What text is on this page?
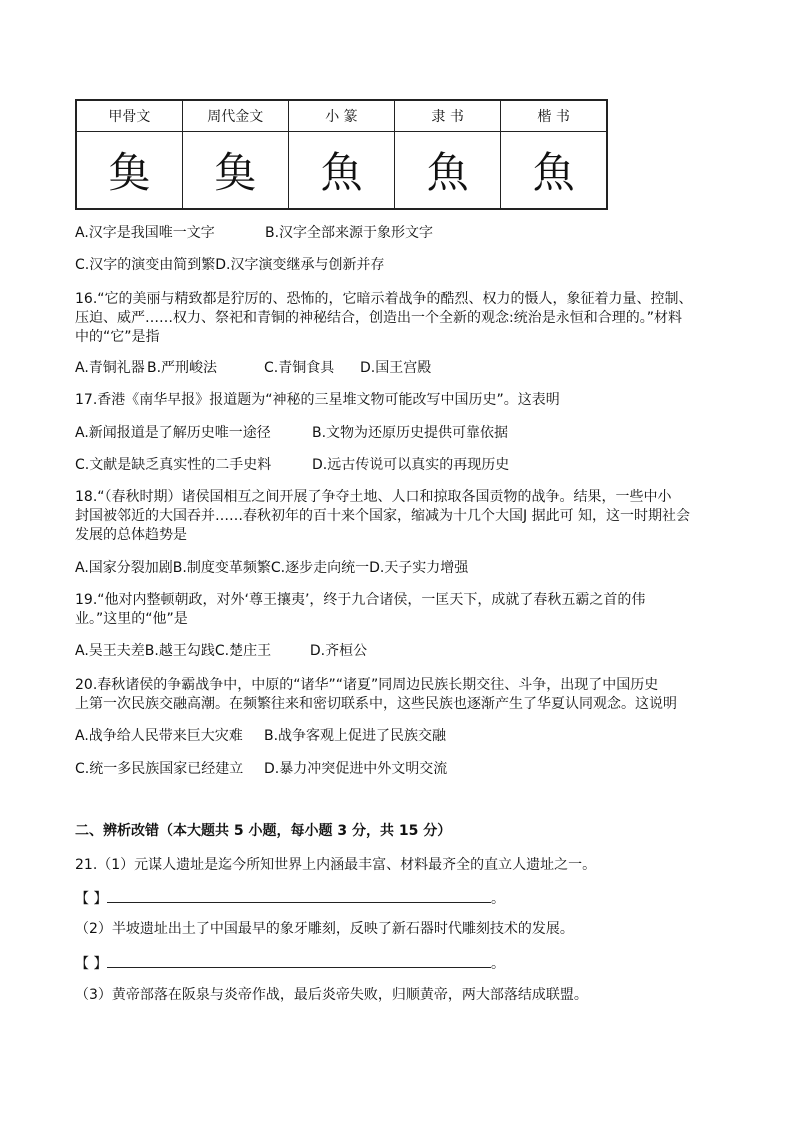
甲骨文	周代金文	小 篆	隶 书	楷 书
𩵋	𩵋	魚	魚	魚
A.汉字是我国唯一文字	B.汉字全部来源于象形文字
C.汉字的演变由简到繁D.汉字演变继承与创新并存
16.“它的美丽与精致都是狞厉的、恐怖的，它暗示着战争的酷烈、权力的慑人，象征着力量、控制、
压迫、威严……权力、祭祀和青铜的神秘结合，创造出一个全新的观念:统治是永恒和合理的。”材料
中的“它”是指
A.青铜礼器 B.严刑峻法	C.青铜食具 D.国王宫殿
17.香港《南华早报》报道题为“神秘的三星堆文物可能改写中国历史”。这表明
A.新闻报道是了解历史唯一途径	B.文物为还原历史提供可靠依据
C.文献是缺乏真实性的二手史料	D.远古传说可以真实的再现历史
18.“（春秋时期）诸侯国相互之间开展了争夺土地、人口和掠取各国贡物的战争。结果，一些中小
封国被邻近的大国吞并……春秋初年的百十来个国家，缩减为十几个大国J 据此可 知，这一时期社会
发展的总体趋势是
A.国家分裂加剧B.制度变革频繁C.逐步走向统一D.天子实力增强
19.“他对内整顿朝政，对外‘尊王攘夷’，终于九合诸侯，一匡天下，成就了春秋五霸之首的伟
业。”这里的“他”是
A.吴王夫差B.越王勾践C.楚庄王	D.齐桓公
20.春秋诸侯的争霸战争中，中原的“诸华”“诸夏”同周边民族长期交往、斗争，出现了中国历史
上第一次民族交融高潮。在频繁往来和密切联系中，这些民族也逐渐产生了华夏认同观念。这说明
A.战争给人民带来巨大灾难 B.战争客观上促进了民族交融
C.统一多民族国家已经建立 D.暴力冲突促进中外文明交流
二、辨析改错（本大题共 5 小题，每小题 3 分，共 15 分）
21.（1）元谋人遗址是迄今所知世界上内涵最丰富、材料最齐全的直立人遗址之一。
【 】	。
（2）半坡遗址出土了中国最早的象牙雕刻，反映了新石器时代雕刻技术的发展。
【 】	。
（3）黄帝部落在阪泉与炎帝作战，最后炎帝失败，归顺黄帝，两大部落结成联盟。
